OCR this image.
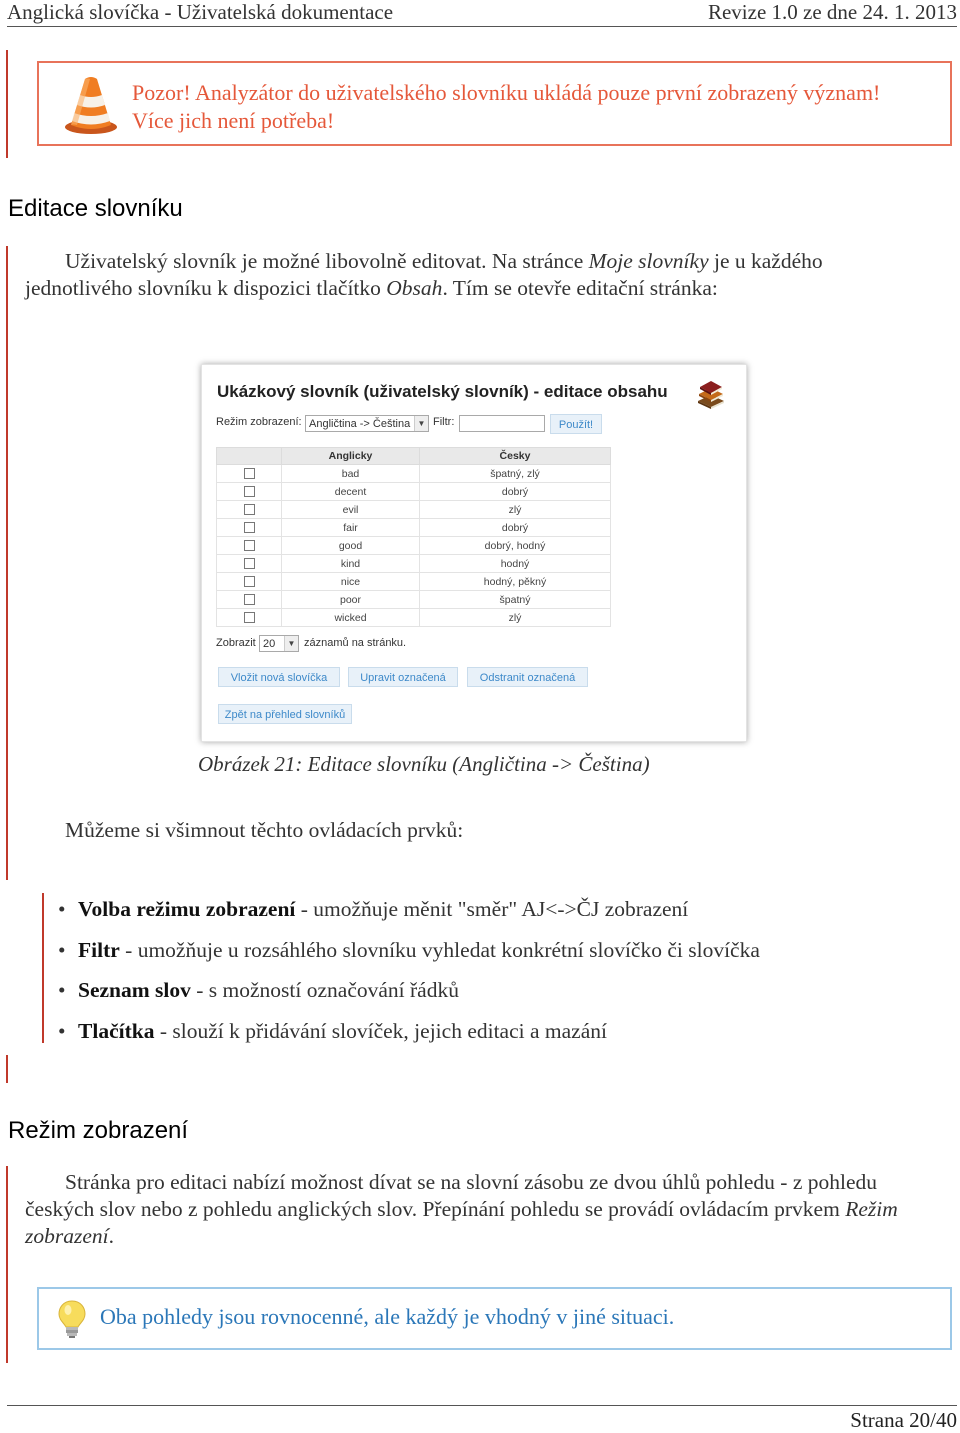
Anglická slovíčka - Uživatelská dokumentace	Revize 1.0 ze dne 24. 1. 2013
Pozor! Analyzátor do uživatelského slovníku ukládá pouze první zobrazený význam! Více jich není potřeba!
Editace slovníku
Uživatelský slovník je možné libovolně editovat. Na stránce Moje slovníky je u každého jednotlivého slovníku k dispozici tlačítko Obsah. Tím se otevře editační stránka:
Ukázkový slovník (uživatelský slovník) - editace obsahu
Režim zobrazení: Angličtina -> Čeština ▼ Filtr:	Použít!
	Anglicky	Česky
	bad	špatný, zlý
	decent	dobrý
	evil	zlý
	fair	dobrý
	good	dobrý, hodný
	kind	hodný
	nice	hodný, pěkný
	poor	špatný
	wicked	zlý
Zobrazit 20	▼ záznamů na stránku.
Vložit nová slovíčka	Upravit označená	Odstranit označená
Zpět na přehled slovníků
Obrázek 21: Editace slovníku (Angličtina -> Čeština)
Můžeme si všimnout těchto ovládacích prvků:
• Volba režimu zobrazení - umožňuje měnit "směr" AJ<->ČJ zobrazení
• Filtr - umožňuje u rozsáhlého slovníku vyhledat konkrétní slovíčko či slovíčka
• Seznam slov - s možností označování řádků
• Tlačítka - slouží k přidávání slovíček, jejich editaci a mazání
Režim zobrazení
Stránka pro editaci nabízí možnost dívat se na slovní zásobu ze dvou úhlů pohledu - z pohledu českých slov nebo z pohledu anglických slov. Přepínání pohledu se provádí ovládacím prvkem Režim zobrazení.
Oba pohledy jsou rovnocenné, ale každý je vhodný v jiné situaci.
Strana 20/40
